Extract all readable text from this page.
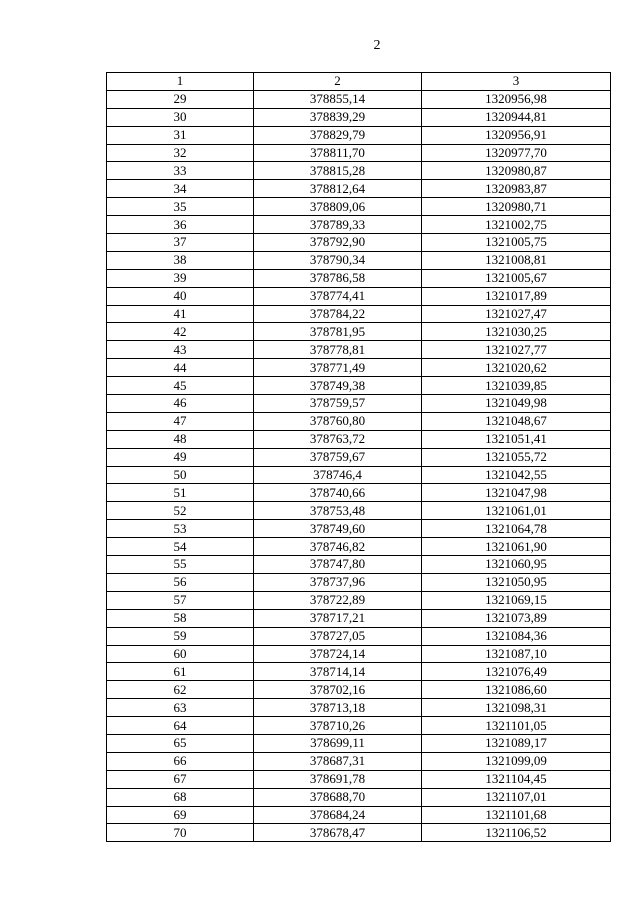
2
1	2	3
29	378855,14	1320956,98
30	378839,29	1320944,81
31	378829,79	1320956,91
32	378811,70	1320977,70
33	378815,28	1320980,87
34	378812,64	1320983,87
35	378809,06	1320980,71
36	378789,33	1321002,75
37	378792,90	1321005,75
38	378790,34	1321008,81
39	378786,58	1321005,67
40	378774,41	1321017,89
41	378784,22	1321027,47
42	378781,95	1321030,25
43	378778,81	1321027,77
44	378771,49	1321020,62
45	378749,38	1321039,85
46	378759,57	1321049,98
47	378760,80	1321048,67
48	378763,72	1321051,41
49	378759,67	1321055,72
50	378746,4	1321042,55
51	378740,66	1321047,98
52	378753,48	1321061,01
53	378749,60	1321064,78
54	378746,82	1321061,90
55	378747,80	1321060,95
56	378737,96	1321050,95
57	378722,89	1321069,15
58	378717,21	1321073,89
59	378727,05	1321084,36
60	378724,14	1321087,10
61	378714,14	1321076,49
62	378702,16	1321086,60
63	378713,18	1321098,31
64	378710,26	1321101,05
65	378699,11	1321089,17
66	378687,31	1321099,09
67	378691,78	1321104,45
68	378688,70	1321107,01
69	378684,24	1321101,68
70	378678,47	1321106,52
